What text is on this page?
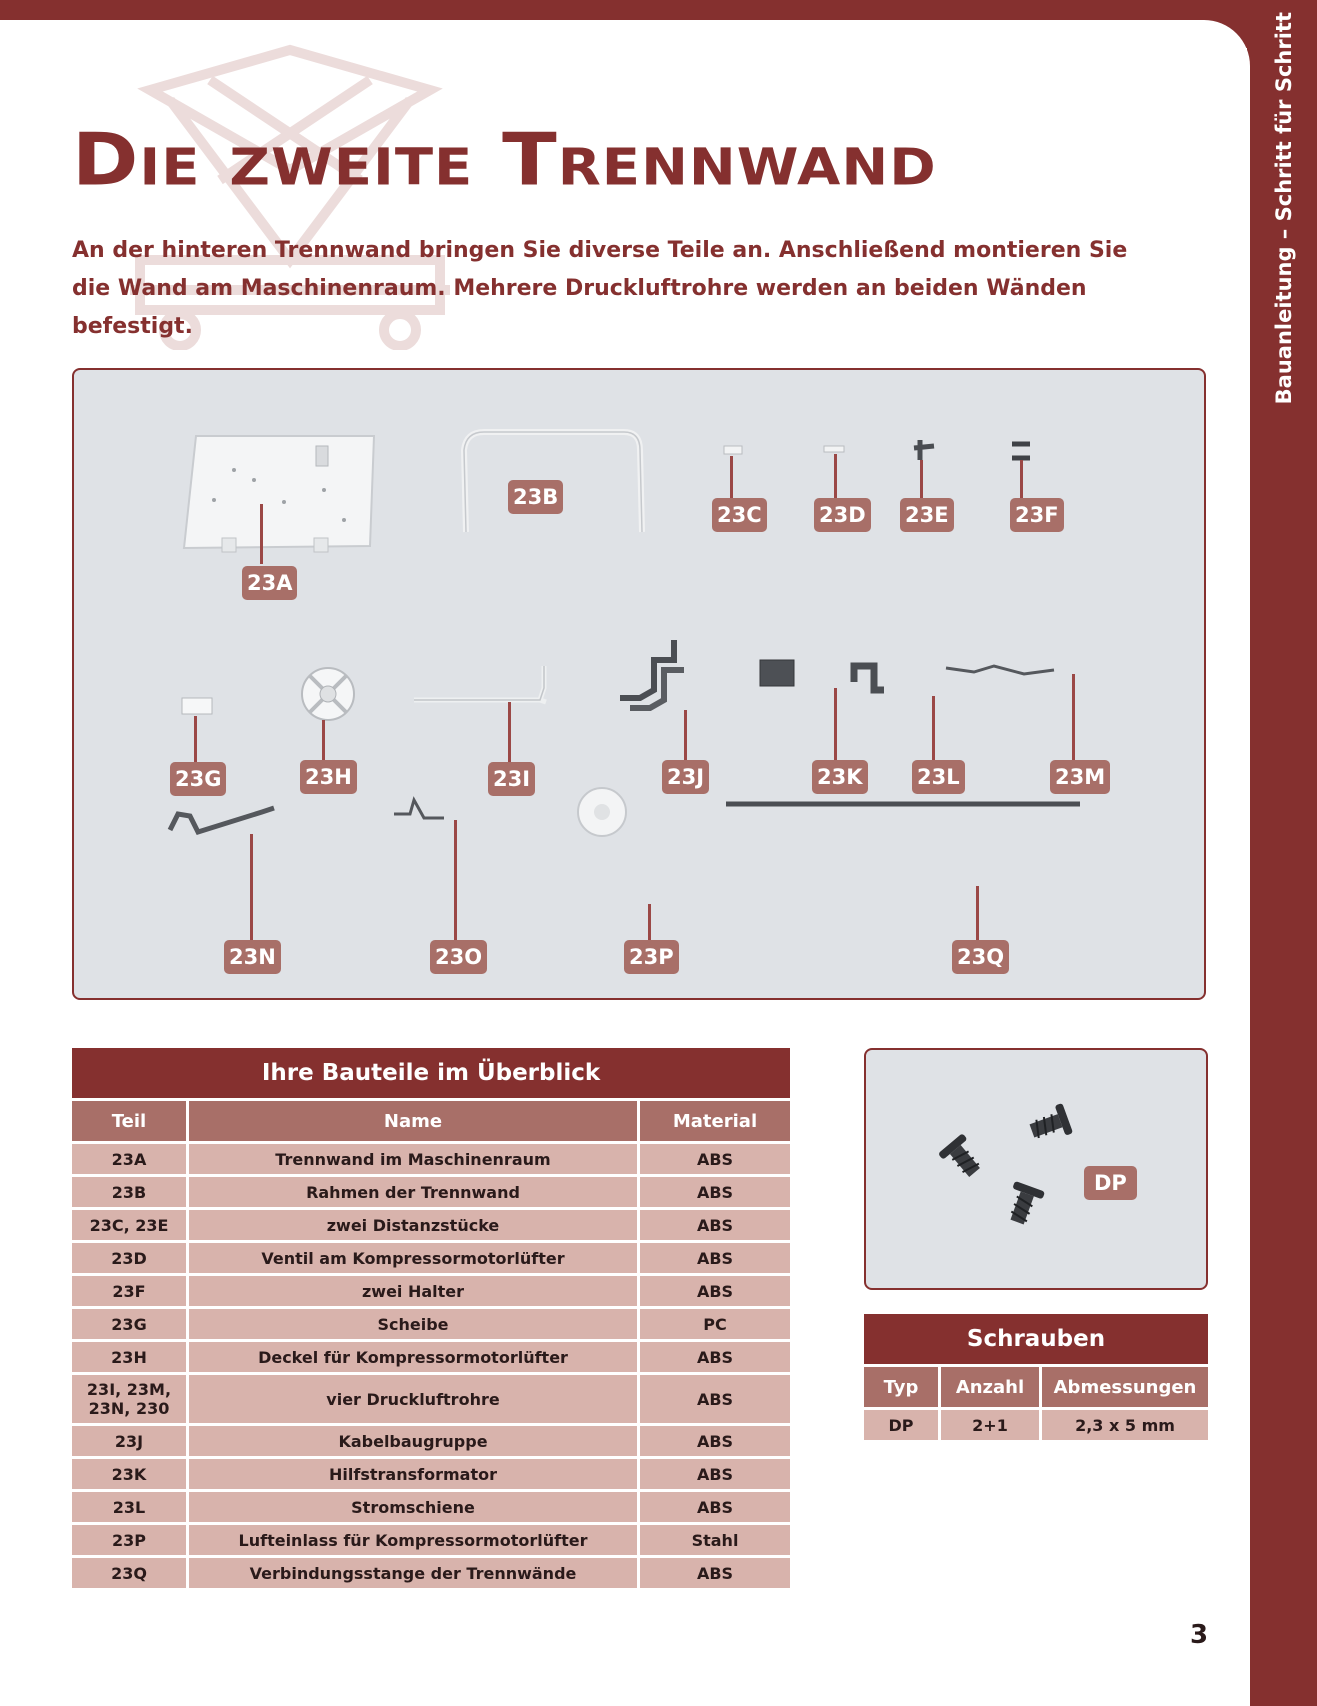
Bauanleitung – Schritt für Schritt
Die zweite Trennwand

An der hinteren Trennwand bringen Sie diverse Teile an. Anschließend montieren Sie die Wand am Maschinenraum. Mehrere Druckluftrohre werden an beiden Wänden befestigt.

23A
23B
23C	23D 23E	23F
23G	23H	23I	23J	23K	23L	23M
23N	23O	23P	23Q
Ihre Bauteile im Überblick		
Teil	Name	Material
23A	Trennwand im Maschinenraum	ABS
23B	Rahmen der Trennwand	ABS
23C, 23E	zwei Distanzstücke	ABS
23D	Ventil am Kompressormotorlüfter	ABS
23F	zwei Halter	ABS
23G	Scheibe	PC
23H	Deckel für Kompressormotorlüfter	ABS
23I, 23M, 23N, 230	vier Druckluftrohre	ABS
23J	Kabelbaugruppe	ABS
23K	Hilfstransformator	ABS
23L	Stromschiene	ABS
23P	Lufteinlass für Kompressormotorlüfter	Stahl
23Q	Verbindungsstange der Trennwände	ABS
DP
Schrauben		
Typ	Anzahl	Abmessungen
DP	2+1	2,3 x 5 mm
3
